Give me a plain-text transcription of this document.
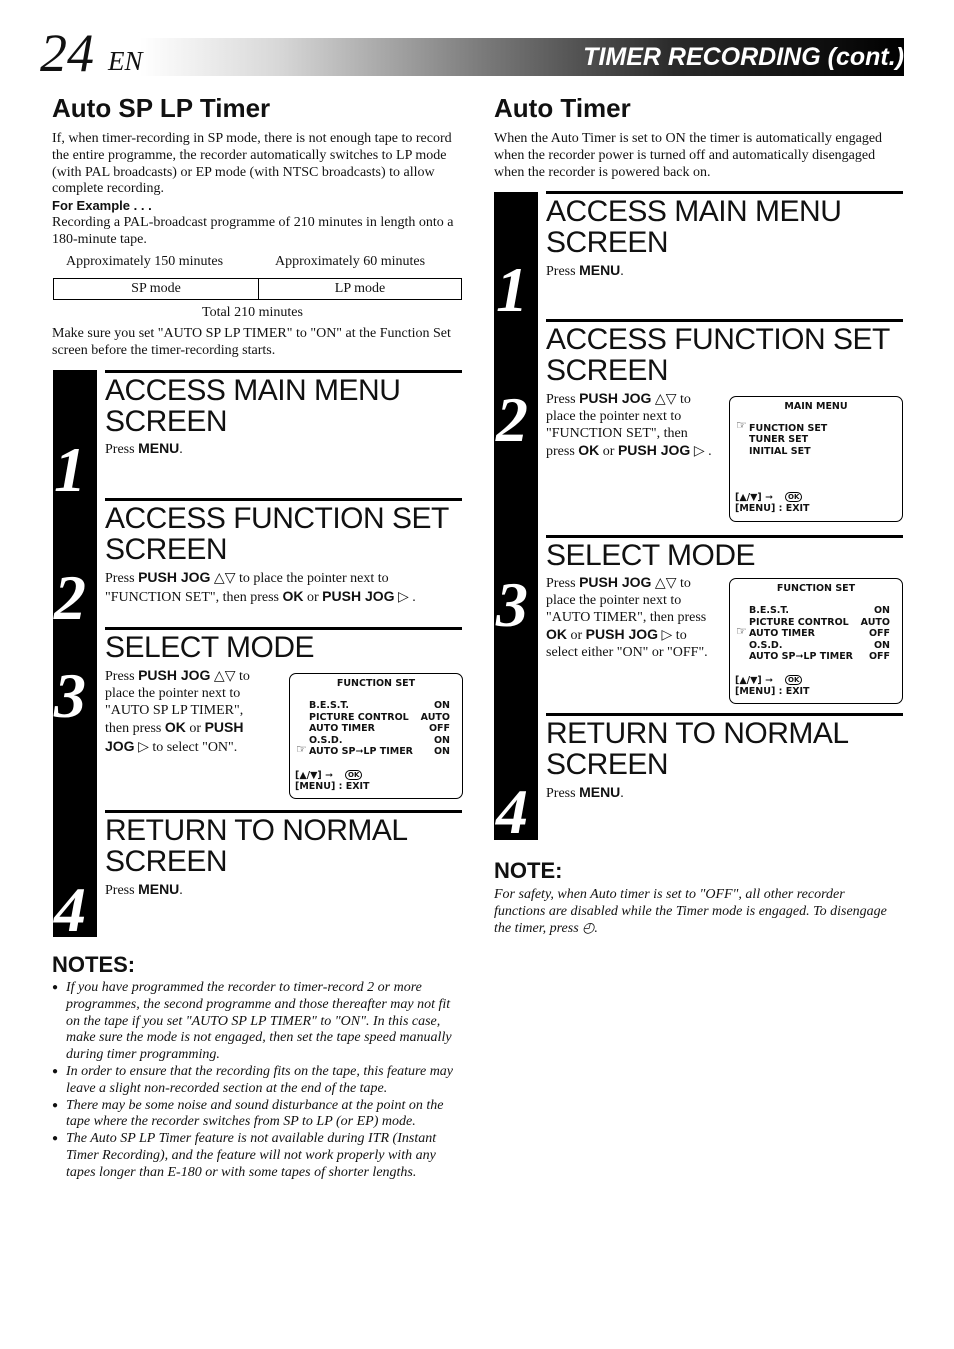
24 EN	TIMER RECORDING (cont.)
Auto SP LP Timer
If, when timer-recording in SP mode, there is not enough tape to record the entire programme, the recorder automatically switches to LP mode (with PAL broadcasts) or EP mode (with NTSC broadcasts) to allow complete recording.
For Example . . .
Recording a PAL-broadcast programme of 210 minutes in length onto a 180-minute tape.
Approximately 150 minutes	Approximately 60 minutes
SP mode	LP mode
Total 210 minutes
Make sure you set "AUTO SP LP TIMER" to "ON" at the Function Set screen before the timer-recording starts.
1
2
3
4
ACCESS MAIN MENU SCREEN
Press MENU.
ACCESS FUNCTION SET SCREEN
Press PUSH JOG △▽ to place the pointer next to "FUNCTION SET", then press OK or PUSH JOG ▷ .
SELECT MODE
Press PUSH JOG △▽ to place the pointer next to "AUTO SP LP TIMER", then press OK or PUSH JOG ▷ to select "ON".
FUNCTION SET
B.E.S.T.	ON
PICTURE CONTROL AUTO
AUTO TIMER	OFF
O.S.D.	ON
☞ AUTO SP➞LP TIMER ON
[▲/▼] ➞	OK
[MENU] : EXIT
RETURN TO NORMAL SCREEN
Press MENU.
NOTES:
● If you have programmed the recorder to timer-record 2 or more programmes, the second programme and those thereafter may not fit on the tape if you set "AUTO SP LP TIMER" to "ON". In this case, make sure the mode is not engaged, then set the tape speed manually during timer programming.
● In order to ensure that the recording fits on the tape, this feature may leave a slight non-recorded section at the end of the tape.
● There may be some noise and sound disturbance at the point on the tape where the recorder switches from SP to LP (or EP) mode.
● The Auto SP LP Timer feature is not available during ITR (Instant Timer Recording), and the feature will not work properly with any tapes longer than E-180 or with some tapes of shorter lengths.
Auto Timer
When the Auto Timer is set to ON the timer is automatically engaged when the recorder power is turned off and automatically disengaged when the recorder is powered back on.
1
2
3
4
ACCESS MAIN MENU SCREEN
Press MENU.
ACCESS FUNCTION SET SCREEN
Press PUSH JOG △▽ to place the pointer next to "FUNCTION SET", then press OK or PUSH JOG ▷ .
MAIN MENU
☞ FUNCTION SET
TUNER SET
INITIAL SET
[▲/▼] ➞	OK
[MENU] : EXIT
SELECT MODE
Press PUSH JOG △▽ to place the pointer next to "AUTO TIMER", then press OK or PUSH JOG ▷ to select either "ON" or "OFF".
FUNCTION SET
B.E.S.T.	ON
PICTURE CONTROL AUTO
☞ AUTO TIMER	OFF
O.S.D.	ON
AUTO SP➞LP TIMER OFF
[▲/▼] ➞	OK
[MENU] : EXIT
RETURN TO NORMAL SCREEN
Press MENU.
NOTE:
For safety, when Auto timer is set to "OFF", all other recorder functions are disabled while the Timer mode is engaged. To disengage the timer, press ◴.
